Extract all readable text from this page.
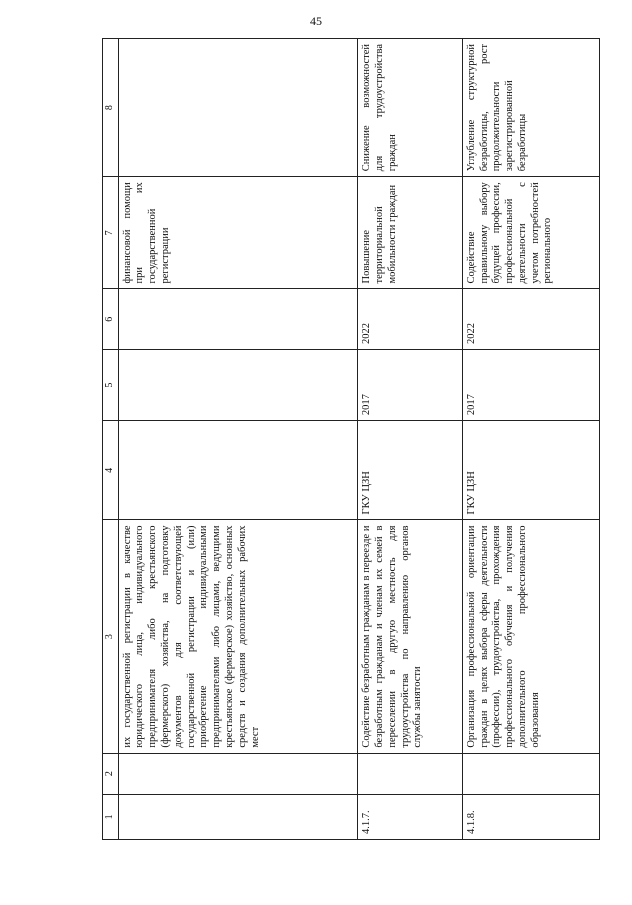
45
1	2	3	4	5	6	7	8
		их государственной регистрации в качестве юридического лица, индивидуального предпринимателя либо крестьянского (фермерского) хозяйства, на подготовку документов для соответствующей государственной регистрации и (или) приобретение индивидуальными предпринимателями либо лицами, ведущими крестьянское (фермерское) хозяйство, основных средств и создания дополнительных рабочих мест				финансовой помощи при их государственной регистрации	
4.1.7.		Содействие безработным гражданам в переезде и безработным гражданам и членам их семей в переселении в другую местность для трудоустройства по направлению органов службы занятости	ГКУ ЦЗН	2017	2022	Повышение территориальной мобильности граждан	Снижение возможностей для трудоустройства граждан
4.1.8.		Организация профессиональной ориентации граждан в целях выбора сферы деятельности (профессии), трудоустройства, прохождения профессионального обучения и получения дополнительного профессионального образования	ГКУ ЦЗН	2017	2022	Содействие правильному выбору будущей профессии, профессиональной деятельности с учетом потребностей регионального	Углубление структурной безработицы, рост продолжительности зарегистрированной безработицы
